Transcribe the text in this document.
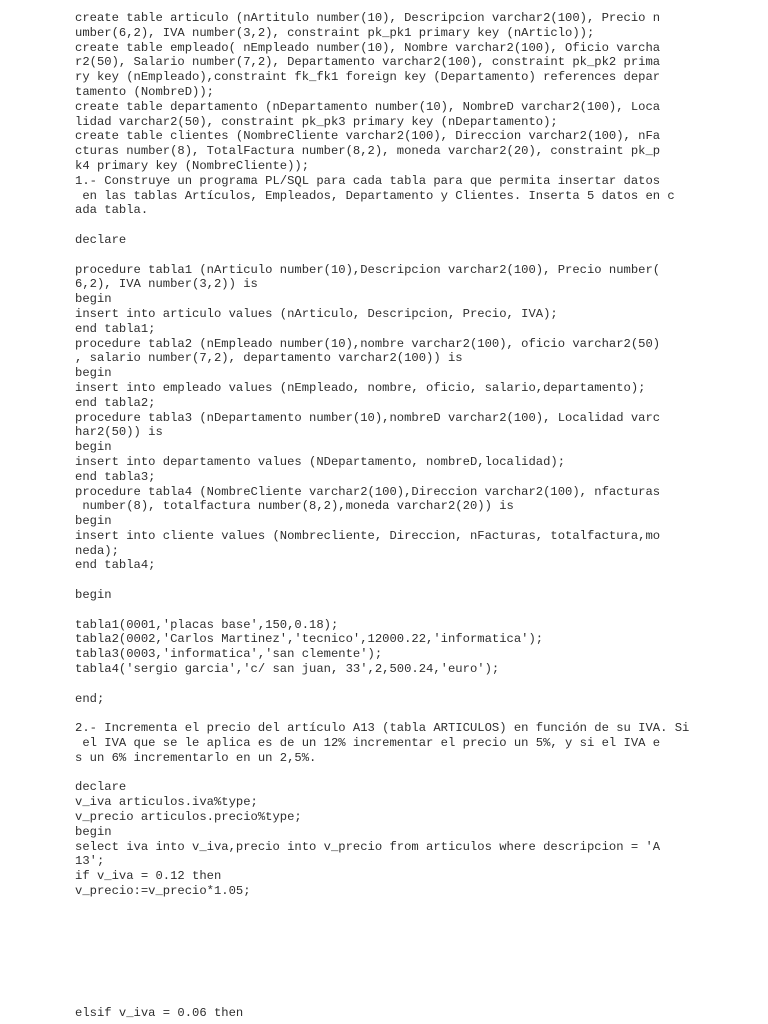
create table articulo (nArtitulo number(10), Descripcion varchar2(100), Precio n
umber(6,2), IVA number(3,2), constraint pk_pk1 primary key (nArticlo));
create table empleado( nEmpleado number(10), Nombre varchar2(100), Oficio varcha
r2(50), Salario number(7,2), Departamento varchar2(100), constraint pk_pk2 prima
ry key (nEmpleado),constraint fk_fk1 foreign key (Departamento) references depar
tamento (NombreD));
create table departamento (nDepartamento number(10), NombreD varchar2(100), Loca
lidad varchar2(50), constraint pk_pk3 primary key (nDepartamento);
create table clientes (NombreCliente varchar2(100), Direccion varchar2(100), nFa
cturas number(8), TotalFactura number(8,2), moneda varchar2(20), constraint pk_p
k4 primary key (NombreCliente));
1.- Construye un programa PL/SQL para cada tabla para que permita insertar datos
en las tablas Artículos, Empleados, Departamento y Clientes. Inserta 5 datos en c
ada tabla.
declare
procedure tabla1 (nArticulo number(10),Descripcion varchar2(100), Precio number(
6,2), IVA number(3,2)) is
begin
insert into articulo values (nArticulo, Descripcion, Precio, IVA);
end tabla1;
procedure tabla2 (nEmpleado number(10),nombre varchar2(100), oficio varchar2(50)
, salario number(7,2), departamento varchar2(100)) is
begin
insert into empleado values (nEmpleado, nombre, oficio, salario,departamento);
end tabla2;
procedure tabla3 (nDepartamento number(10),nombreD varchar2(100), Localidad varc
har2(50)) is
begin
insert into departamento values (NDepartamento, nombreD,localidad);
end tabla3;
procedure tabla4 (NombreCliente varchar2(100),Direccion varchar2(100), nfacturas
number(8), totalfactura number(8,2),moneda varchar2(20)) is
begin
insert into cliente values (Nombrecliente, Direccion, nFacturas, totalfactura,mo
neda);
end tabla4;
begin
tabla1(0001,'placas base',150,0.18);
tabla2(0002,'Carlos Martinez','tecnico',12000.22,'informatica');
tabla3(0003,'informatica','san clemente');
tabla4('sergio garcia','c/ san juan, 33',2,500.24,'euro');
end;
2.- Incrementa el precio del artículo A13 (tabla ARTICULOS) en función de su IVA. Si
el IVA que se le aplica es de un 12% incrementar el precio un 5%, y si el IVA e
s un 6% incrementarlo en un 2,5%.
declare
v_iva articulos.iva%type;
v_precio articulos.precio%type;
begin
select iva into v_iva,precio into v_precio from articulos where descripcion = 'A
13';
if v_iva = 0.12 then
v_precio:=v_precio*1.05;
elsif v_iva = 0.06 then
